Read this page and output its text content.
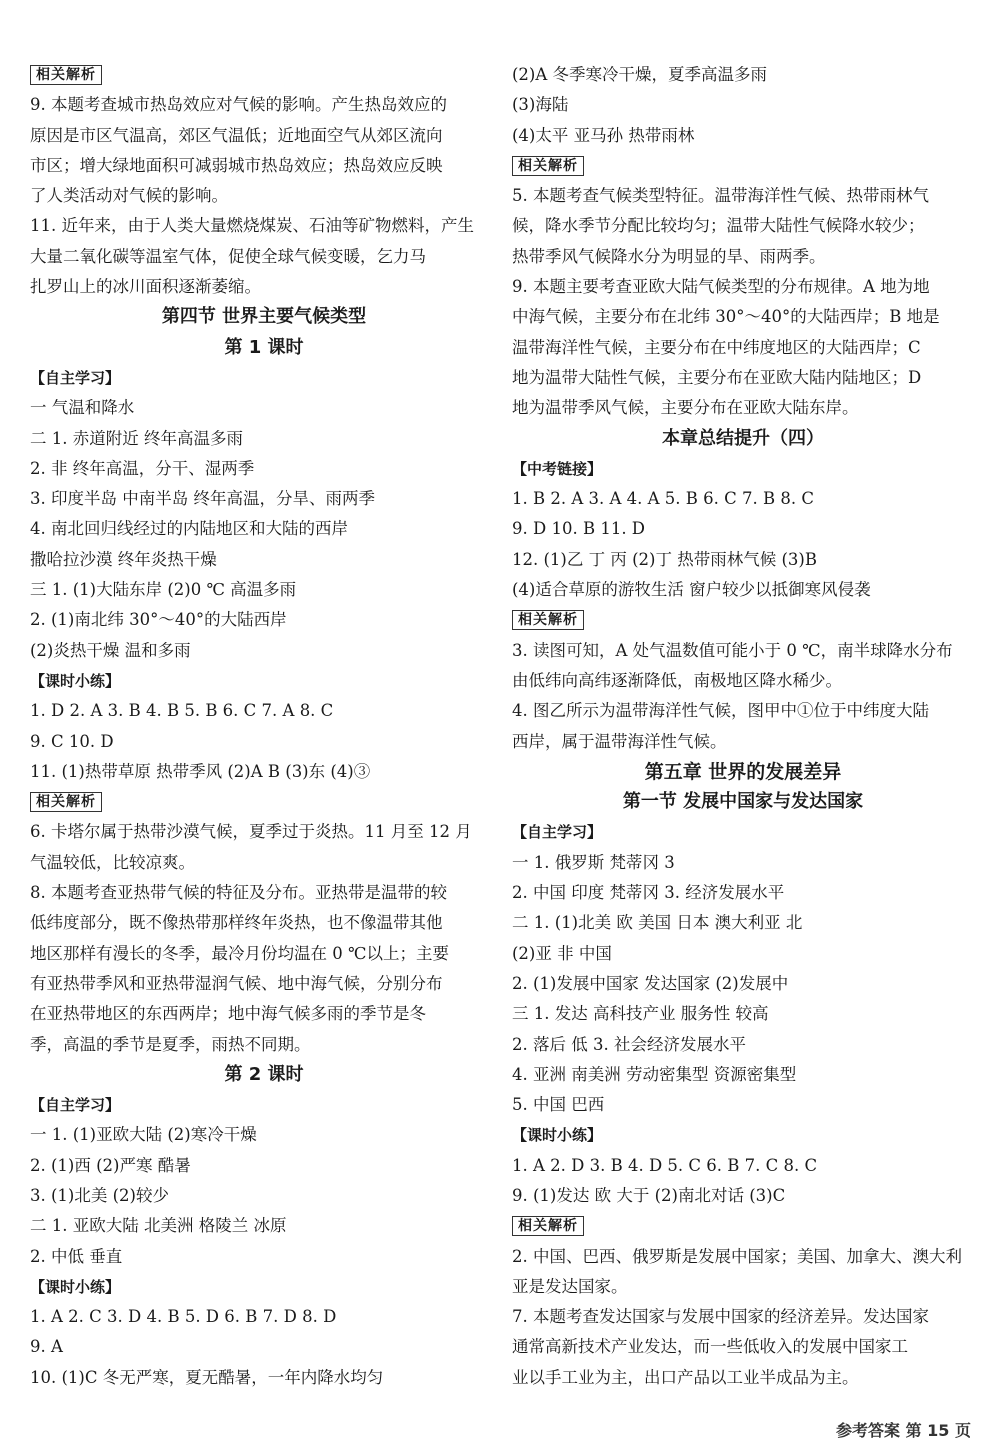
相关解析
9. 本题考查城市热岛效应对气候的影响。产生热岛效应的
原因是市区气温高，郊区气温低；近地面空气从郊区流向
市区；增大绿地面积可减弱城市热岛效应；热岛效应反映
了人类活动对气候的影响。
11. 近年来，由于人类大量燃烧煤炭、石油等矿物燃料，产生
大量二氧化碳等温室气体，促使全球气候变暖，乞力马
扎罗山上的冰川面积逐渐萎缩。
第四节 世界主要气候类型
第 1 课时
【自主学习】
一 气温和降水
二 1. 赤道附近 终年高温多雨
2. 非 终年高温，分干、湿两季
3. 印度半岛 中南半岛 终年高温，分旱、雨两季
4. 南北回归线经过的内陆地区和大陆的西岸
撒哈拉沙漠 终年炎热干燥
三 1. (1)大陆东岸 (2)0 ℃ 高温多雨
2. (1)南北纬 30°～40°的大陆西岸
(2)炎热干燥 温和多雨
【课时小练】
1. D 2. A 3. B 4. B 5. B 6. C 7. A 8. C
9. C 10. D
11. (1)热带草原 热带季风 (2)A B (3)东 (4)③
相关解析
6. 卡塔尔属于热带沙漠气候，夏季过于炎热。11 月至 12 月
气温较低，比较凉爽。
8. 本题考查亚热带气候的特征及分布。亚热带是温带的较
低纬度部分，既不像热带那样终年炎热，也不像温带其他
地区那样有漫长的冬季，最冷月份均温在 0 ℃以上；主要
有亚热带季风和亚热带湿润气候、地中海气候，分别分布
在亚热带地区的东西两岸；地中海气候多雨的季节是冬
季，高温的季节是夏季，雨热不同期。
第 2 课时
【自主学习】
一 1. (1)亚欧大陆 (2)寒冷干燥
2. (1)西 (2)严寒 酷暑
3. (1)北美 (2)较少
二 1. 亚欧大陆 北美洲 格陵兰 冰原
2. 中低 垂直
【课时小练】
1. A 2. C 3. D 4. B 5. D 6. B 7. D 8. D
9. A
10. (1)C 冬无严寒，夏无酷暑，一年内降水均匀
(2)A 冬季寒冷干燥，夏季高温多雨
(3)海陆
(4)太平 亚马孙 热带雨林
相关解析
5. 本题考查气候类型特征。温带海洋性气候、热带雨林气
候，降水季节分配比较均匀；温带大陆性气候降水较少；
热带季风气候降水分为明显的旱、雨两季。
9. 本题主要考查亚欧大陆气候类型的分布规律。A 地为地
中海气候，主要分布在北纬 30°～40°的大陆西岸；B 地是
温带海洋性气候，主要分布在中纬度地区的大陆西岸；C
地为温带大陆性气候，主要分布在亚欧大陆内陆地区；D
地为温带季风气候，主要分布在亚欧大陆东岸。
本章总结提升（四）
【中考链接】
1. B 2. A 3. A 4. A 5. B 6. C 7. B 8. C
9. D 10. B 11. D
12. (1)乙 丁 丙 (2)丁 热带雨林气候 (3)B
(4)适合草原的游牧生活 窗户较少以抵御寒风侵袭
相关解析
3. 读图可知，A 处气温数值可能小于 0 ℃，南半球降水分布
由低纬向高纬逐渐降低，南极地区降水稀少。
4. 图乙所示为温带海洋性气候，图甲中①位于中纬度大陆
西岸，属于温带海洋性气候。
第五章 世界的发展差异
第一节 发展中国家与发达国家
【自主学习】
一 1. 俄罗斯 梵蒂冈 3
2. 中国 印度 梵蒂冈 3. 经济发展水平
二 1. (1)北美 欧 美国 日本 澳大利亚 北
(2)亚 非 中国
2. (1)发展中国家 发达国家 (2)发展中
三 1. 发达 高科技产业 服务性 较高
2. 落后 低 3. 社会经济发展水平
4. 亚洲 南美洲 劳动密集型 资源密集型
5. 中国 巴西
【课时小练】
1. A 2. D 3. B 4. D 5. C 6. B 7. C 8. C
9. (1)发达 欧 大于 (2)南北对话 (3)C
相关解析
2. 中国、巴西、俄罗斯是发展中国家；美国、加拿大、澳大利
亚是发达国家。
7. 本题考查发达国家与发展中国家的经济差异。发达国家
通常高新技术产业发达，而一些低收入的发展中国家工
业以手工业为主，出口产品以工业半成品为主。
参考答案 第 15 页
